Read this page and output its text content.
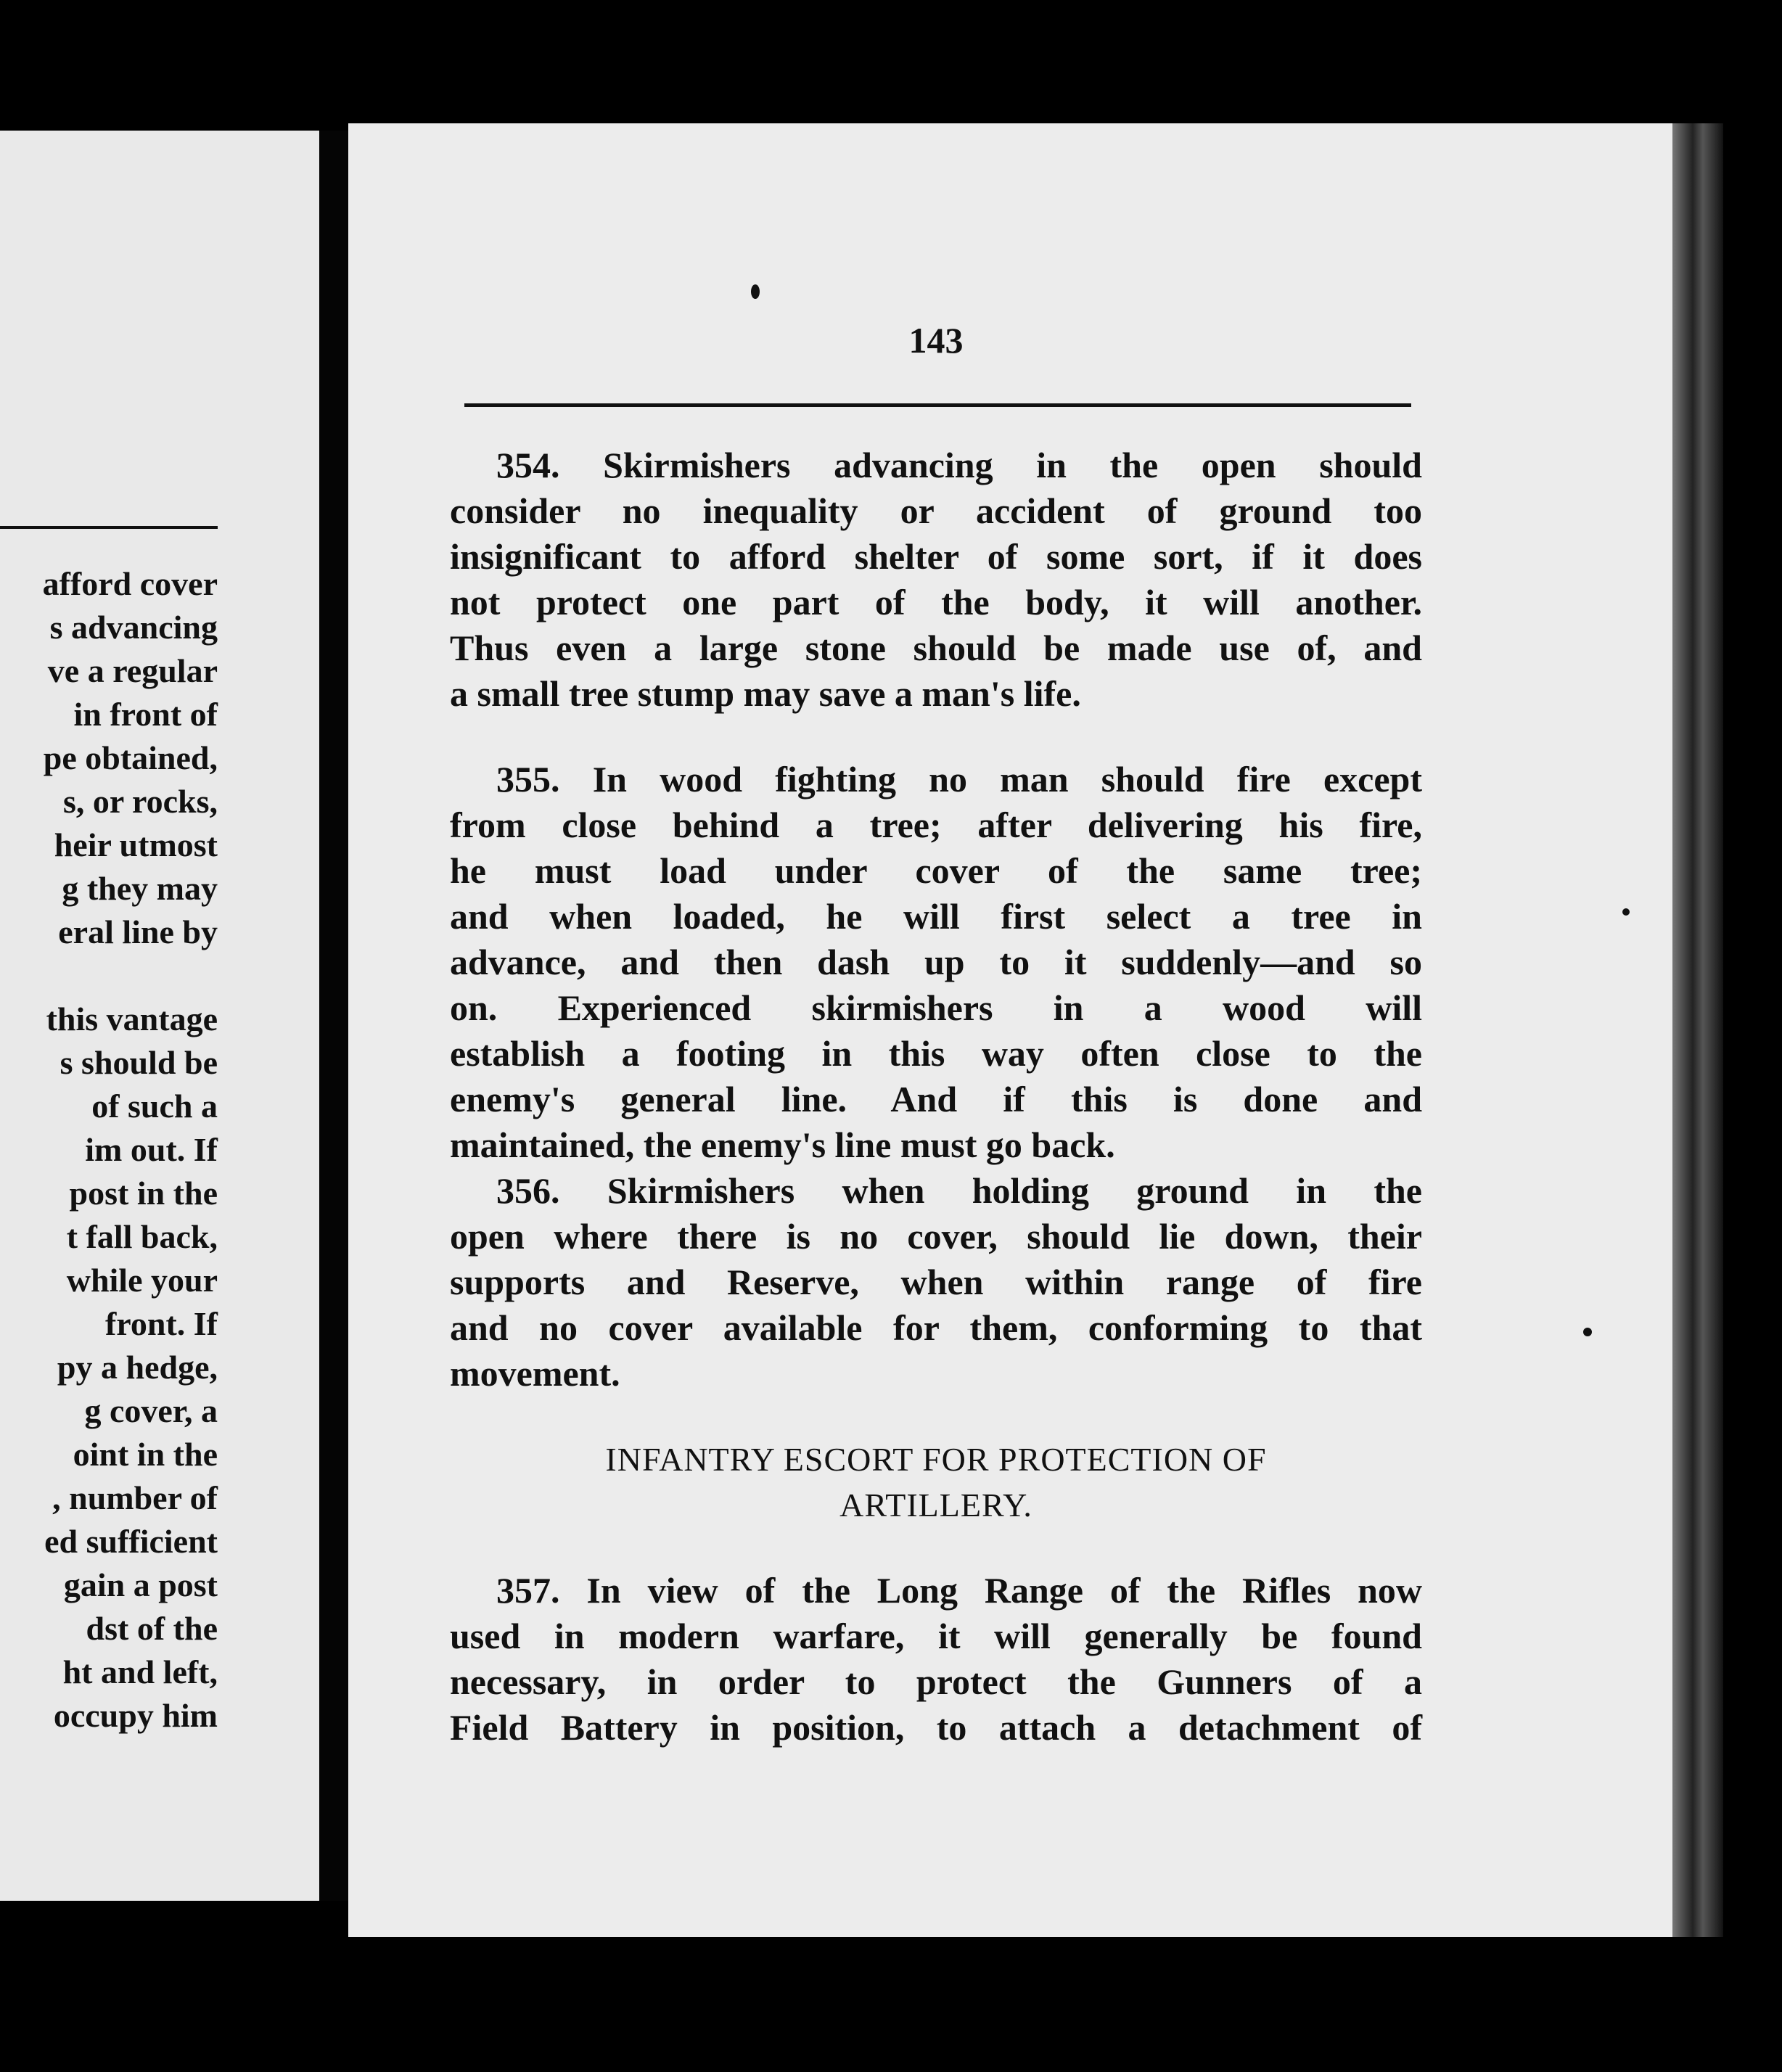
afford cover
s advancing
ve a regular
in front of
pe obtained,
s, or rocks,
heir utmost
g they may
eral line by
this vantage
s should be
of such a
im out. If
post in the
t fall back,
while your
front. If
py a hedge,
g cover, a
oint in the
, number of
ed sufficient
gain a post
dst of the
ht and left,
occupy him
143
354. Skirmishers advancing in the open should
consider no inequality or accident of ground too
insignificant to afford shelter of some sort, if it does
not protect one part of the body, it will another.
Thus even a large stone should be made use of, and
a small tree stump may save a man's life.
355. In wood fighting no man should fire except
from close behind a tree; after delivering his fire,
he must load under cover of the same tree;
and when loaded, he will first select a tree in
advance, and then dash up to it suddenly—and so
on. Experienced skirmishers in a wood will
establish a footing in this way often close to the
enemy's general line. And if this is done and
maintained, the enemy's line must go back.
356. Skirmishers when holding ground in the
open where there is no cover, should lie down, their
supports and Reserve, when within range of fire
and no cover available for them, conforming to that
movement.
INFANTRY ESCORT FOR PROTECTION OF
ARTILLERY.
357. In view of the Long Range of the Rifles now
used in modern warfare, it will generally be found
necessary, in order to protect the Gunners of a
Field Battery in position, to attach a detachment of
